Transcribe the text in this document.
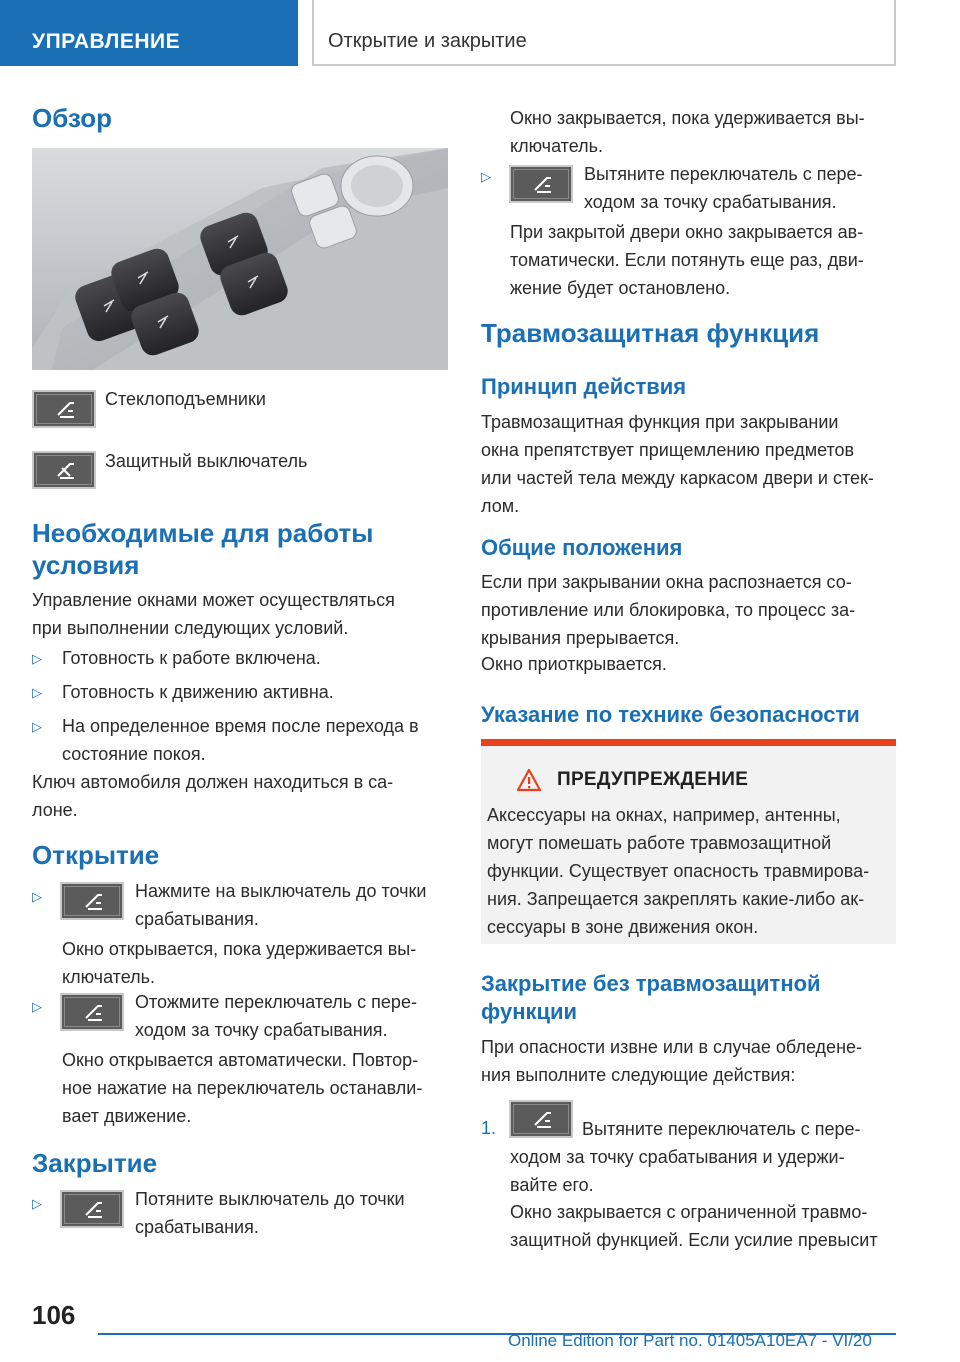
УПРАВЛЕНИЕ	Открытие и закрытие
Обзор
Стеклоподъемники
Защитный выключатель
Необходимые для работы
условия
Управление окнами может осуществляться
при выполнении следующих условий.
▷ Готовность к работе включена.
▷ Готовность к движению активна.
▷ На определенное время после перехода в
состояние покоя.
Ключ автомобиля должен находиться в са-
лоне.
Открытие
▷	Нажмите на выключатель до точки
срабатывания.
Окно открывается, пока удерживается вы-
ключатель.
▷	Отожмите переключатель с пере-
ходом за точку срабатывания.
Окно открывается автоматически. Повтор-
ное нажатие на переключатель останавли-
вает движение.
Закрытие
▷	Потяните выключатель до точки
срабатывания.
Окно закрывается, пока удерживается вы-
ключатель.
▷	Вытяните переключатель с пере-
ходом за точку срабатывания.
При закрытой двери окно закрывается ав-
томатически. Если потянуть еще раз, дви-
жение будет остановлено.
Травмозащитная функция
Принцип действия
Травмозащитная функция при закрывании
окна препятствует прищемлению предметов
или частей тела между каркасом двери и стек-
лом.
Общие положения
Если при закрывании окна распознается со-
противление или блокировка, то процесс за-
крывания прерывается.
Окно приоткрывается.
Указание по технике безопасности
ПРЕДУПРЕЖДЕНИЕ
Аксессуары на окнах, например, антенны,
могут помешать работе травмозащитной
функции. Существует опасность травмирова-
ния. Запрещается закреплять какие-либо ак-
сессуары в зоне движения окон.
Закрытие без травмозащитной
функции
При опасности извне или в случае обледене-
ния выполните следующие действия:
1.	Вытяните переключатель с пере-
ходом за точку срабатывания и удержи-
вайте его.
Окно закрывается с ограниченной травмо-
защитной функцией. Если усилие превысит
106
Online Edition for Part no. 01405A10EA7 - VI/20
